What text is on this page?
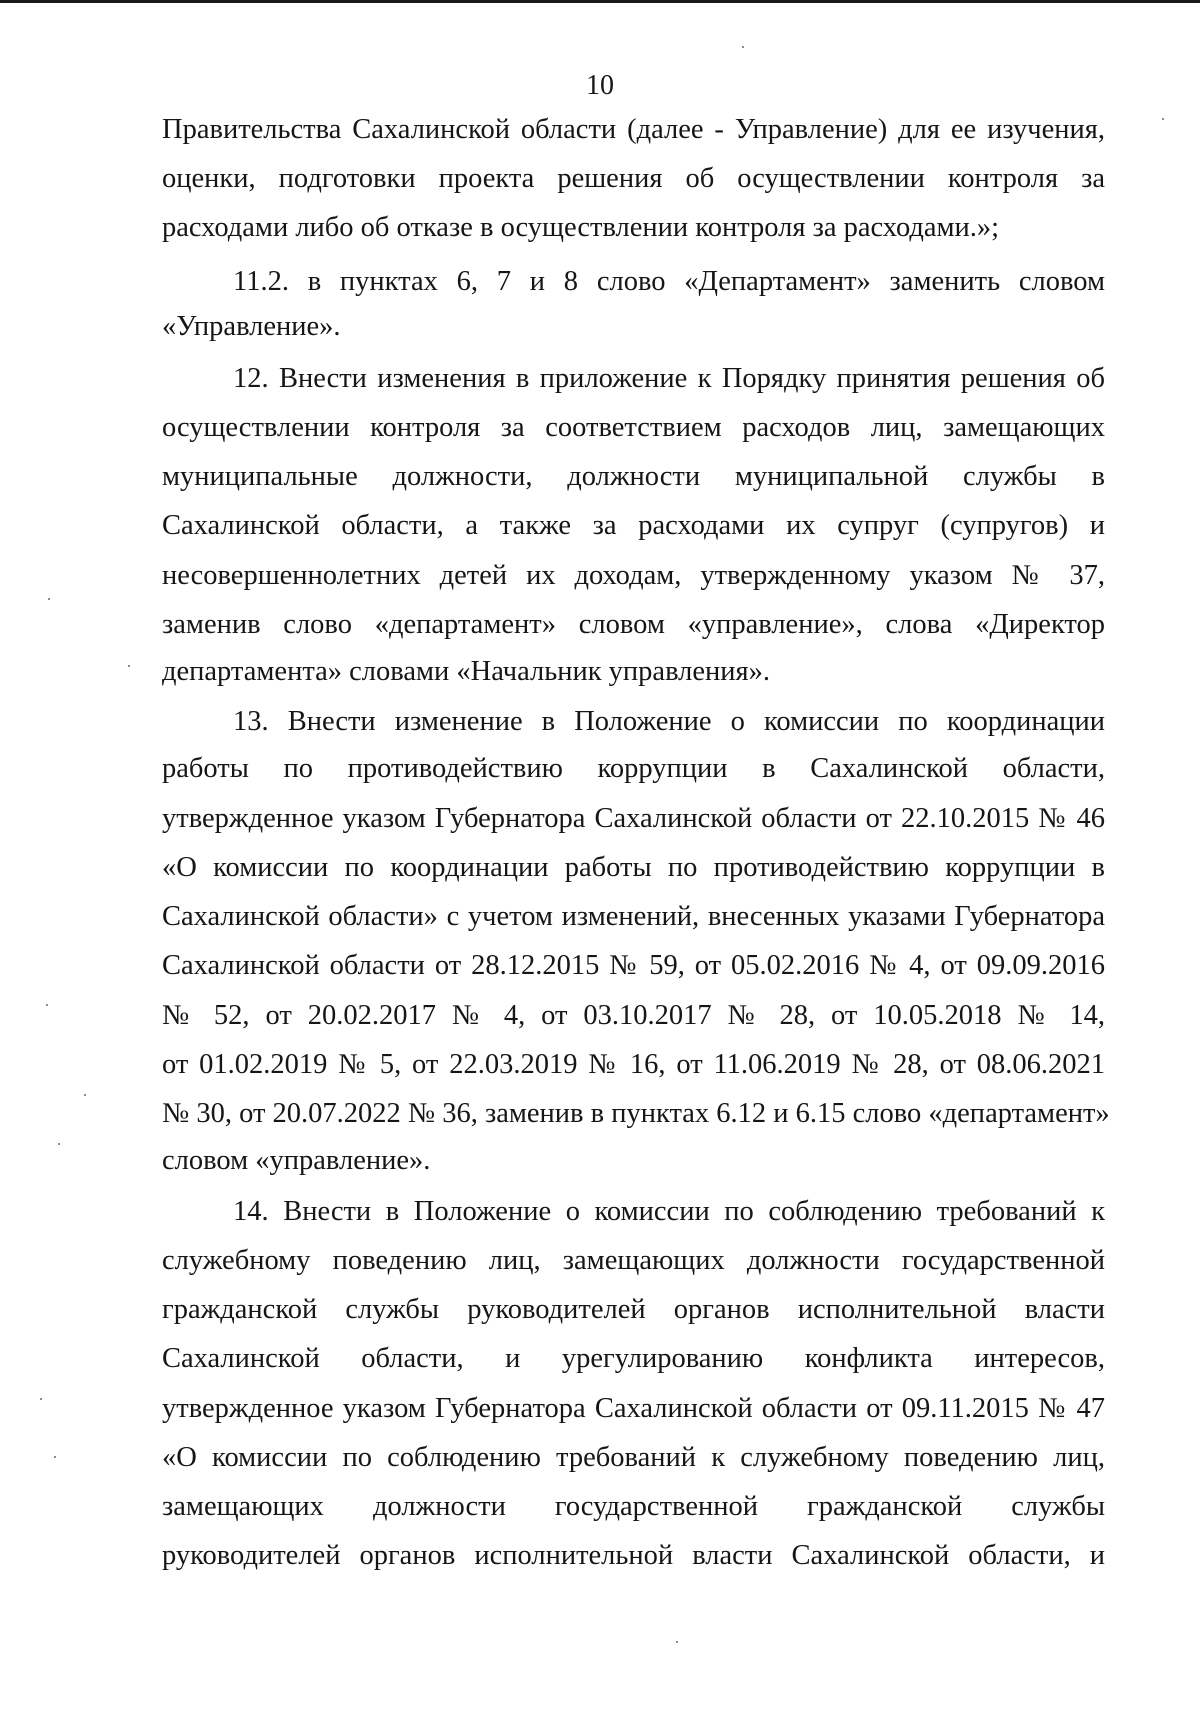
10
Правительства Сахалинской области (далее - Управление) для ее изучения,
оценки, подготовки проекта решения об осуществлении контроля за
расходами либо об отказе в осуществлении контроля за расходами.»;
11.2. в пунктах 6, 7 и 8 слово «Департамент» заменить словом
«Управление».
12. Внести изменения в приложение к Порядку принятия решения об
осуществлении контроля за соответствием расходов лиц, замещающих
муниципальные должности, должности муниципальной службы в
Сахалинской области, а также за расходами их супруг (супругов) и
несовершеннолетних детей их доходам, утвержденному указом № 37,
заменив слово «департамент» словом «управление», слова «Директор
департамента» словами «Начальник управления».
13. Внести изменение в Положение о комиссии по координации
работы по противодействию коррупции в Сахалинской области,
утвержденное указом Губернатора Сахалинской области от 22.10.2015 № 46
«О комиссии по координации работы по противодействию коррупции в
Сахалинской области» с учетом изменений, внесенных указами Губернатора
Сахалинской области от 28.12.2015 № 59, от 05.02.2016 № 4, от 09.09.2016
№ 52, от 20.02.2017 № 4, от 03.10.2017 № 28, от 10.05.2018 № 14,
от 01.02.2019 № 5, от 22.03.2019 № 16, от 11.06.2019 № 28, от 08.06.2021
№ 30, от 20.07.2022 № 36, заменив в пунктах 6.12 и 6.15 слово «департамент»
словом «управление».
14. Внести в Положение о комиссии по соблюдению требований к
служебному поведению лиц, замещающих должности государственной
гражданской службы руководителей органов исполнительной власти
Сахалинской области, и урегулированию конфликта интересов,
утвержденное указом Губернатора Сахалинской области от 09.11.2015 № 47
«О комиссии по соблюдению требований к служебному поведению лиц,
замещающих должности государственной гражданской службы
руководителей органов исполнительной власти Сахалинской области, и
